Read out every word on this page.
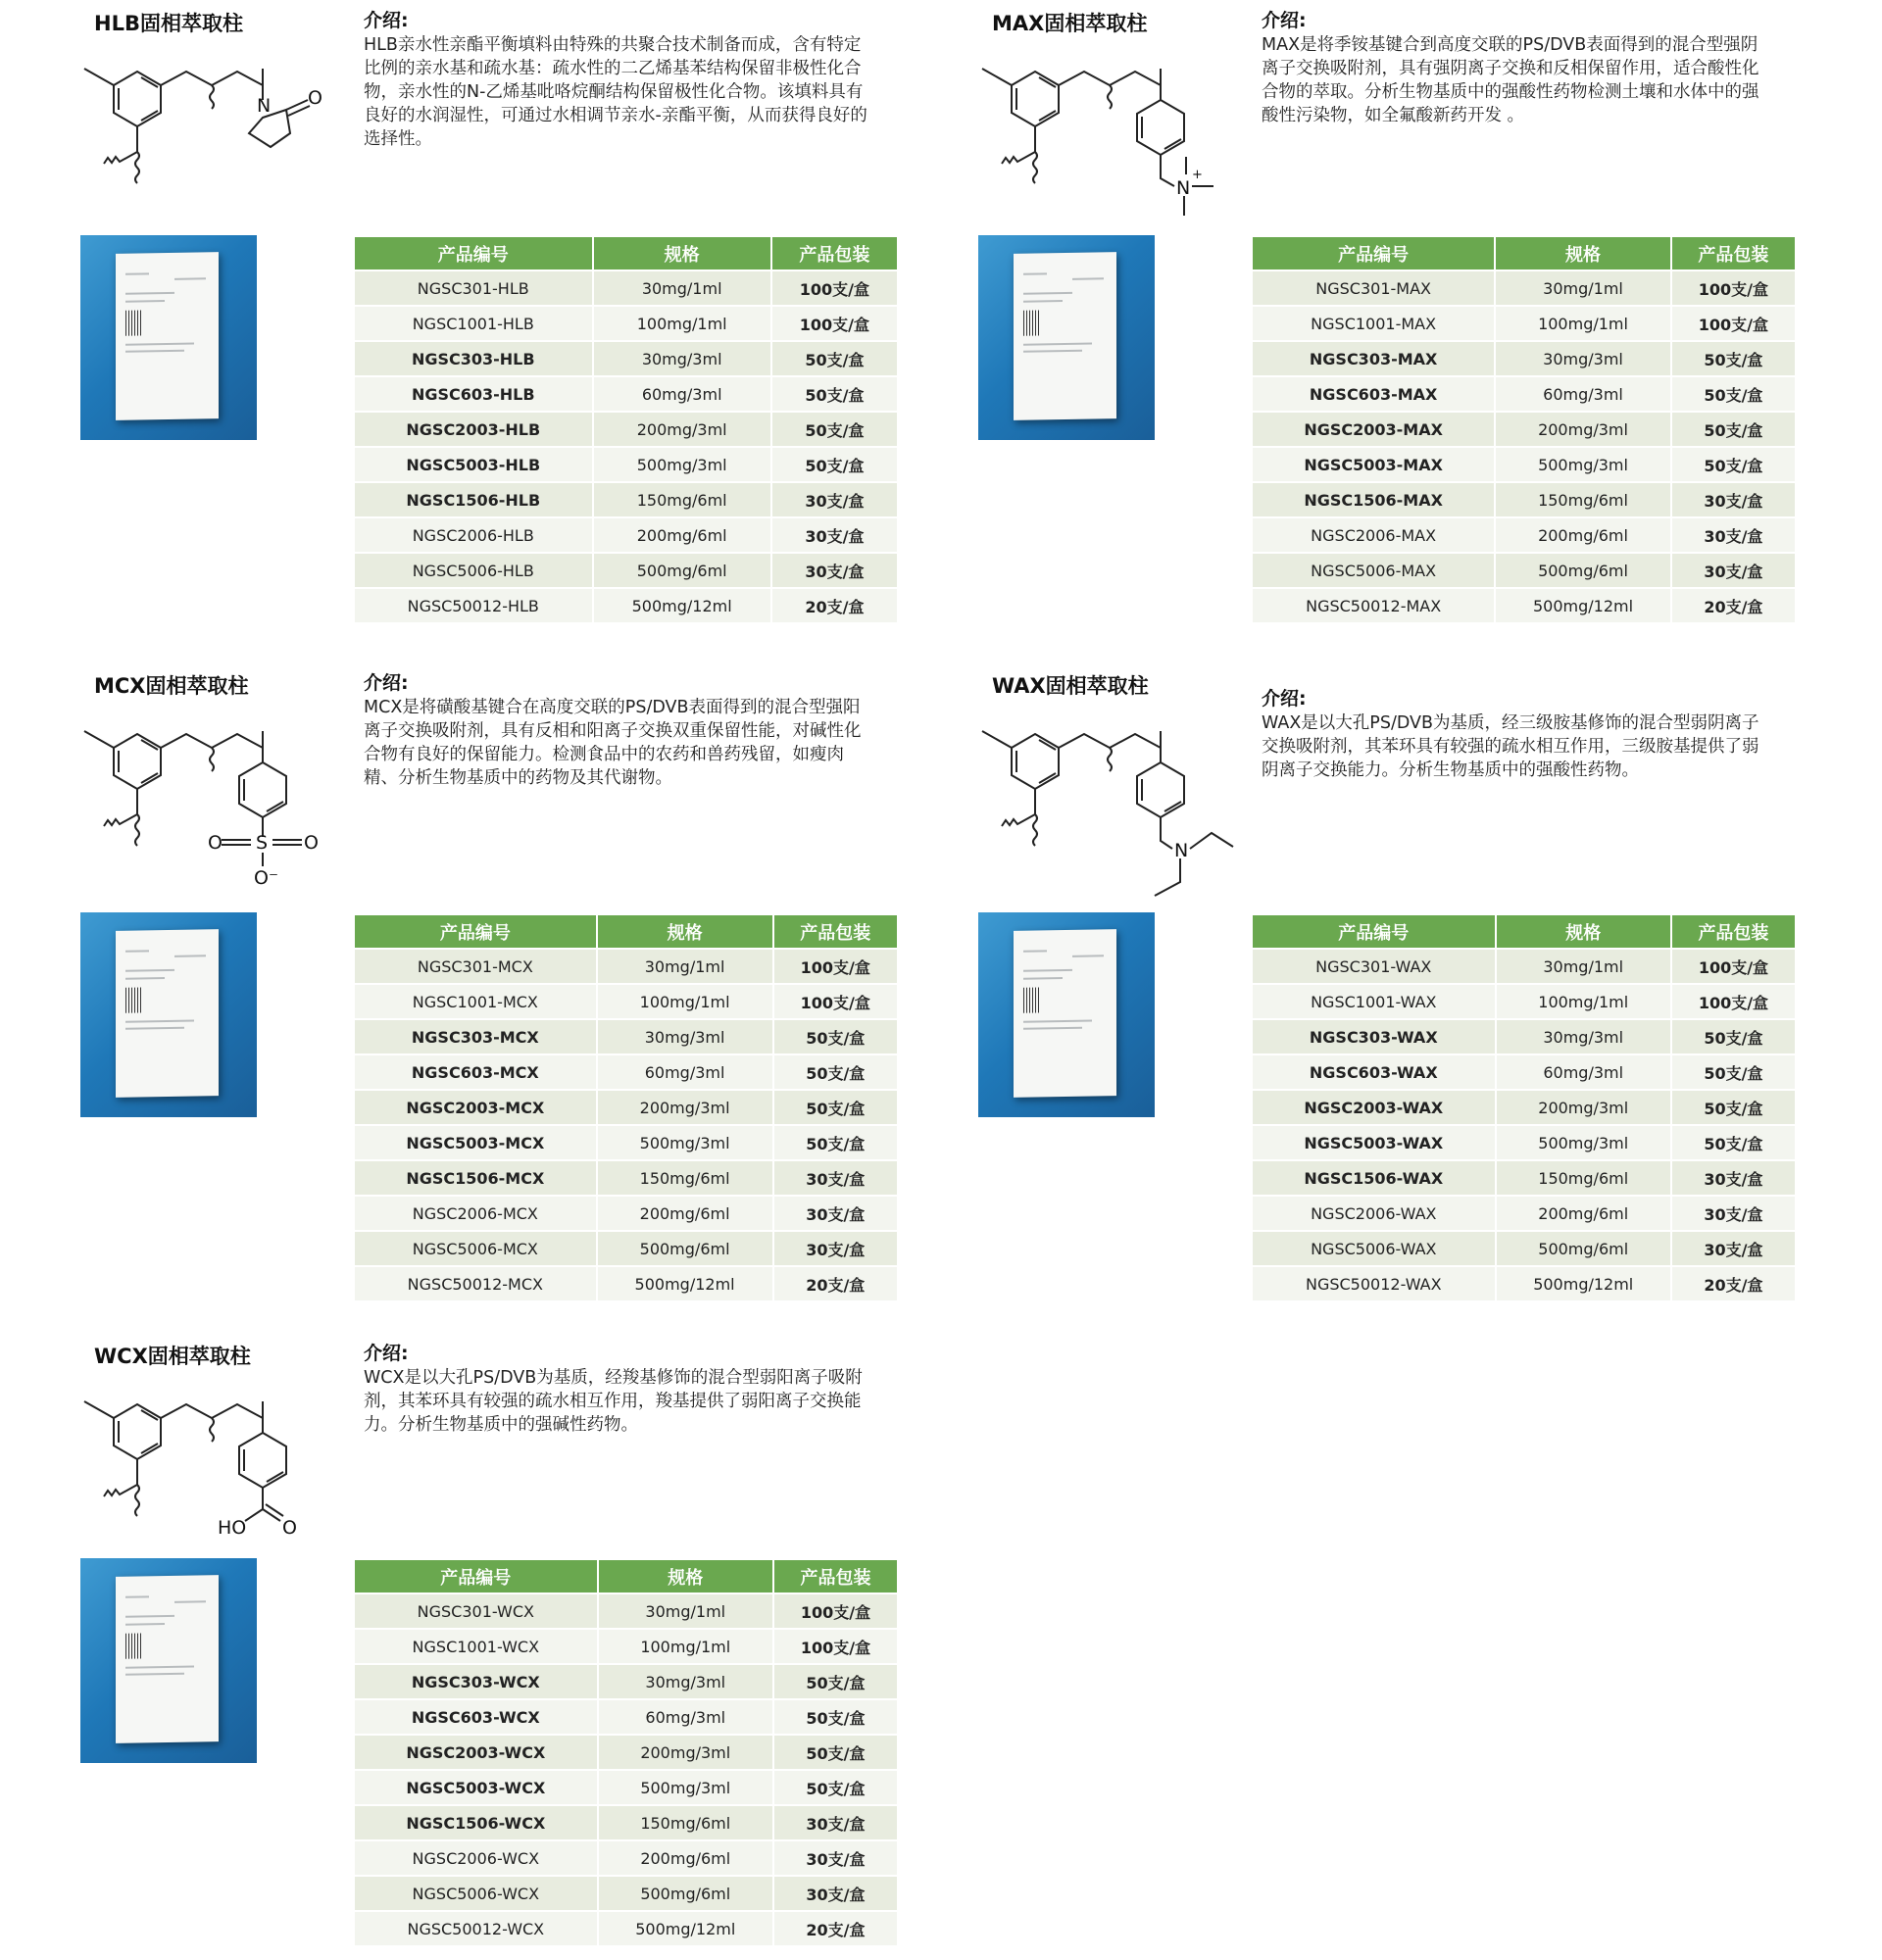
HLB固相萃取柱
N O
介绍:

HLB亲水性亲酯平衡填料由特殊的共聚合技术制备而成，含有特定比例的亲水基和疏水基：疏水性的二乙烯基苯结构保留非极性化合物，亲水性的N-乙烯基吡咯烷酮结构保留极性化合物。该填料具有良好的水润湿性，可通过水相调节亲水-亲酯平衡，从而获得良好的选择性。

产品编号	规格	产品包装
NGSC301-HLB	30mg/1ml	100支/盒
NGSC1001-HLB	100mg/1ml	100支/盒
NGSC303-HLB	30mg/3ml	50支/盒
NGSC603-HLB	60mg/3ml	50支/盒
NGSC2003-HLB	200mg/3ml	50支/盒
NGSC5003-HLB	500mg/3ml	50支/盒
NGSC1506-HLB	150mg/6ml	30支/盒
NGSC2006-HLB	200mg/6ml	30支/盒
NGSC5006-HLB	500mg/6ml	30支/盒
NGSC50012-HLB	500mg/12ml	20支/盒
MAX固相萃取柱
N
+
介绍:

MAX是将季铵基键合到高度交联的PS/DVB表面得到的混合型强阴离子交换吸附剂，具有强阴离子交换和反相保留作用，适合酸性化合物的萃取。分析生物基质中的强酸性药物检测土壤和水体中的强酸性污染物，如全氟酸新药开发 。

产品编号	规格	产品包装
NGSC301-MAX	30mg/1ml	100支/盒
NGSC1001-MAX	100mg/1ml	100支/盒
NGSC303-MAX	30mg/3ml	50支/盒
NGSC603-MAX	60mg/3ml	50支/盒
NGSC2003-MAX	200mg/3ml	50支/盒
NGSC5003-MAX	500mg/3ml	50支/盒
NGSC1506-MAX	150mg/6ml	30支/盒
NGSC2006-MAX	200mg/6ml	30支/盒
NGSC5006-MAX	500mg/6ml	30支/盒
NGSC50012-MAX	500mg/12ml	20支/盒
MCX固相萃取柱
O S O
O⁻
介绍:

MCX是将磺酸基键合在高度交联的PS/DVB表面得到的混合型强阳离子交换吸附剂，具有反相和阳离子交换双重保留性能，对碱性化合物有良好的保留能力。检测食品中的农药和兽药残留，如瘦肉精、分析生物基质中的药物及其代谢物。

产品编号	规格	产品包装
NGSC301-MCX	30mg/1ml	100支/盒
NGSC1001-MCX	100mg/1ml	100支/盒
NGSC303-MCX	30mg/3ml	50支/盒
NGSC603-MCX	60mg/3ml	50支/盒
NGSC2003-MCX	200mg/3ml	50支/盒
NGSC5003-MCX	500mg/3ml	50支/盒
NGSC1506-MCX	150mg/6ml	30支/盒
NGSC2006-MCX	200mg/6ml	30支/盒
NGSC5006-MCX	500mg/6ml	30支/盒
NGSC50012-MCX	500mg/12ml	20支/盒
WAX固相萃取柱
N
介绍:

WAX是以大孔PS/DVB为基质，经三级胺基修饰的混合型弱阴离子交换吸附剂，其苯环具有较强的疏水相互作用，三级胺基提供了弱阴离子交换能力。分析生物基质中的强酸性药物。

产品编号	规格	产品包装
NGSC301-WAX	30mg/1ml	100支/盒
NGSC1001-WAX	100mg/1ml	100支/盒
NGSC303-WAX	30mg/3ml	50支/盒
NGSC603-WAX	60mg/3ml	50支/盒
NGSC2003-WAX	200mg/3ml	50支/盒
NGSC5003-WAX	500mg/3ml	50支/盒
NGSC1506-WAX	150mg/6ml	30支/盒
NGSC2006-WAX	200mg/6ml	30支/盒
NGSC5006-WAX	500mg/6ml	30支/盒
NGSC50012-WAX	500mg/12ml	20支/盒
WCX固相萃取柱
HO O
介绍:

WCX是以大孔PS/DVB为基质，经羧基修饰的混合型弱阳离子吸附剂，其苯环具有较强的疏水相互作用，羧基提供了弱阳离子交换能力。分析生物基质中的强碱性药物。

产品编号	规格	产品包装
NGSC301-WCX	30mg/1ml	100支/盒
NGSC1001-WCX	100mg/1ml	100支/盒
NGSC303-WCX	30mg/3ml	50支/盒
NGSC603-WCX	60mg/3ml	50支/盒
NGSC2003-WCX	200mg/3ml	50支/盒
NGSC5003-WCX	500mg/3ml	50支/盒
NGSC1506-WCX	150mg/6ml	30支/盒
NGSC2006-WCX	200mg/6ml	30支/盒
NGSC5006-WCX	500mg/6ml	30支/盒
NGSC50012-WCX	500mg/12ml	20支/盒
